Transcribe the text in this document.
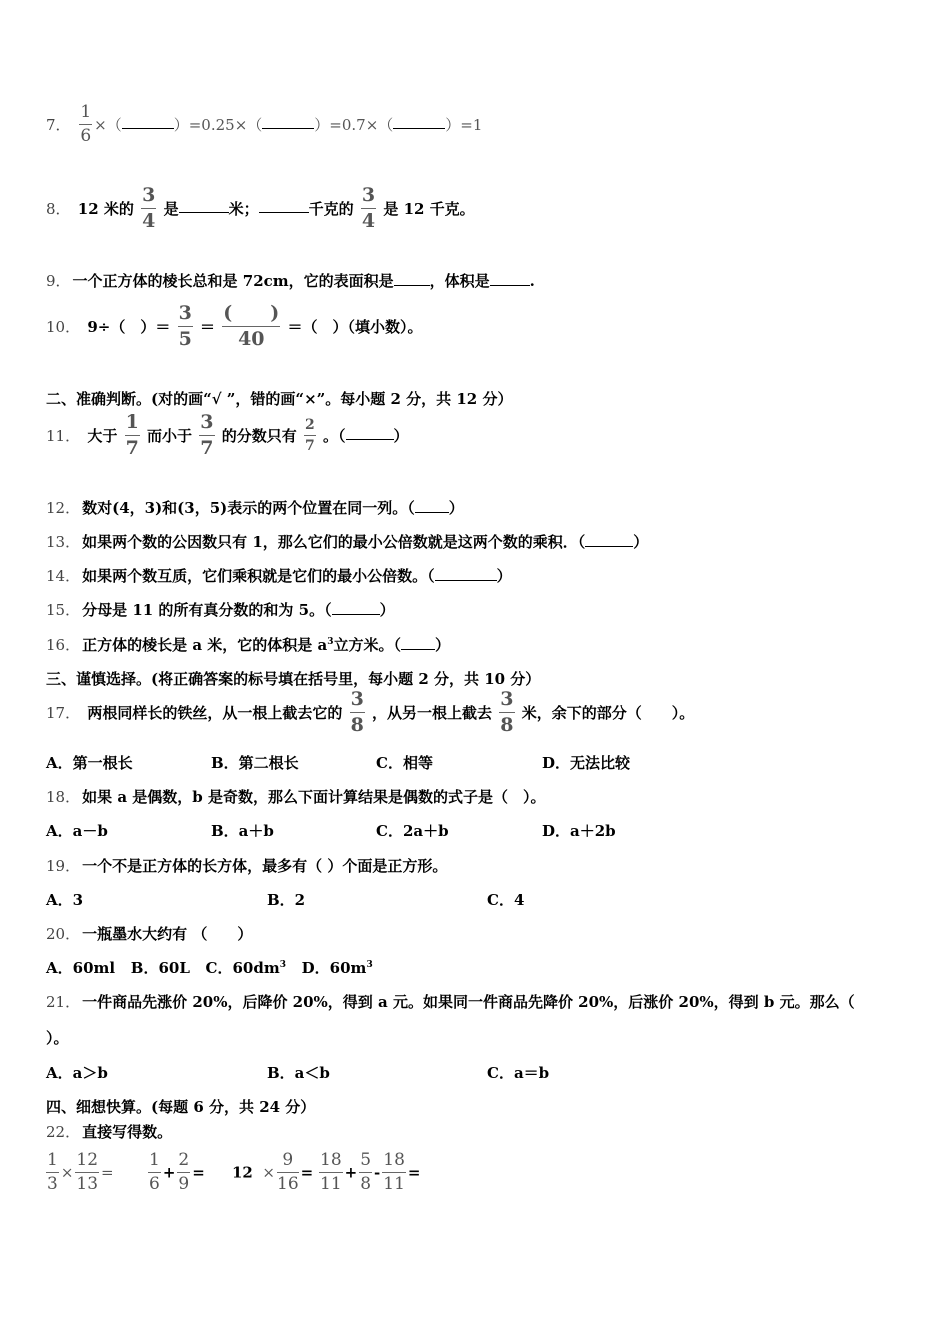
7． $\frac{1}{6}$ ×（	）=0.25×（	）=0.7×（	）=1
8． 12 米的 $\frac{3}{4}$ 是	米；	千克的 $\frac{3}{4}$ 是 12 千克。
9． 一个正方体的棱长总和是 72cm，它的表面积是 ，体积是	.
10． 9÷（　）＝ $\frac{3}{5} = \frac{( )}{40}$ ＝（　）（填小数）。
二、准确判断。(对的画“√ ”，错的画“×”。每小题 2 分，共 12 分）
11． 大于 $\frac{1}{7}$ 而小于 $\frac{3}{7}$ 的分数只有 $\frac{2}{7}$ 。（	）
12． 数对(4，3)和(3，5)表示的两个位置在同一列。（ ）
13． 如果两个数的公因数只有 1，那么它们的最小公倍数就是这两个数的乘积．（	）
14． 如果两个数互质，它们乘积就是它们的最小公倍数。（	）
15． 分母是 11 的所有真分数的和为 5。（	）
16． 正方体的棱长是 a 米，它的体积是 $a^3$立方米。（ ）
三、谨慎选择。(将正确答案的标号填在括号里，每小题 2 分，共 10 分）
17． 两根同样长的铁丝，从一根上截去它的 $\frac{3}{8}$ ，从另一根上截去 $\frac{3}{8}$ 米，余下的部分（　　）。
A．第一根长	B．第二根长	C．相等	D．无法比较
18． 如果 a 是偶数，b 是奇数，那么下面计算结果是偶数的式子是（　）。
A．a－b	B．a＋b	C．2a＋b	D．a＋2b
19． 一个不是正方体的长方体，最多有（ ）个面是正方形。
A．3	B．2	C．4
20． 一瓶墨水大约有 （　　）
A．60ml B．60L C．$60dm^3$ D．$60m^3$
21． 一件商品先涨价 20%，后降价 20%，得到 a 元。如果同一件商品先降价 20%，后涨价 20%，得到 b 元。那么（
）。
A．a＞b	B．a＜b	C．a＝b
四、细想快算。(每题 6 分，共 24 分）
22． 直接写得数。
$\frac{1}{3} \times \frac{12}{13} = \frac{1}{6} + \frac{2}{9} = 12 \times \frac{9}{16} = \frac{18}{11} + \frac{5}{8} - \frac{18}{11}$ =
